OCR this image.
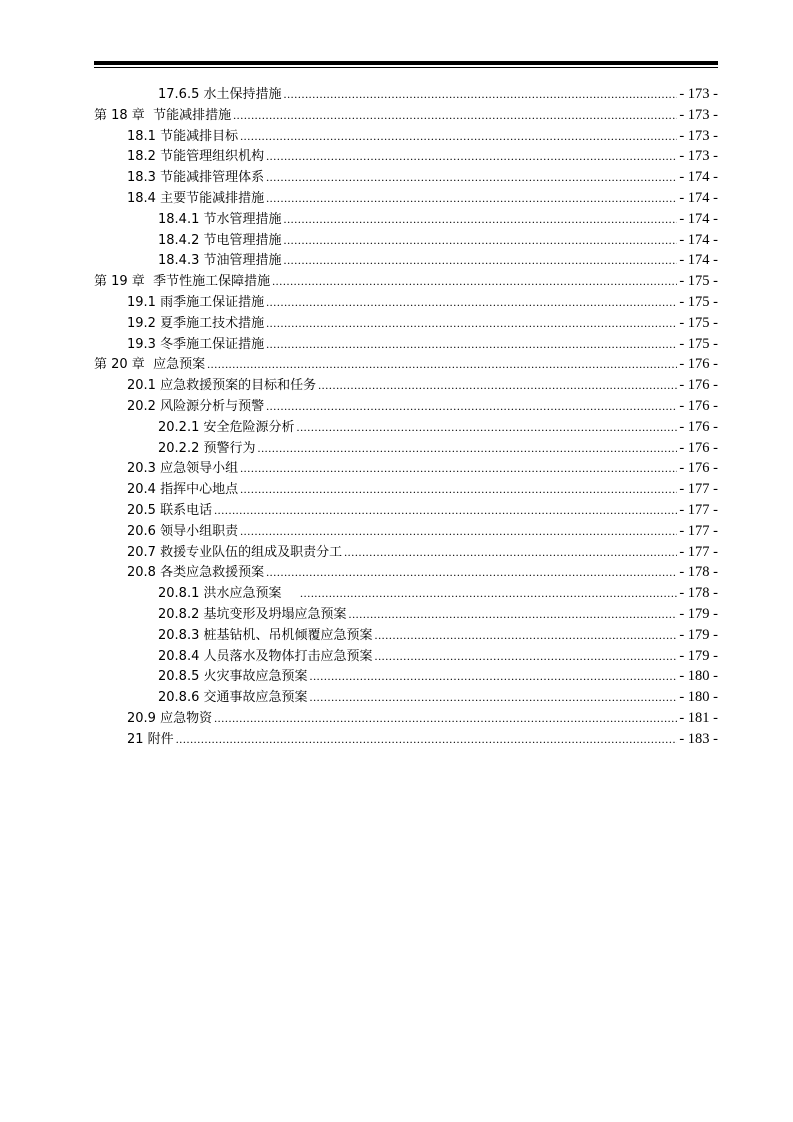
17.6.5 水土保持措施 .....	- 173 -
第 18 章  节能减排措施 .....	- 173 -
18.1 节能减排目标 .....	- 173 -
18.2 节能管理组织机构 .....	- 173 -
18.3 节能减排管理体系 .....	- 174 -
18.4 主要节能减排措施 .....	- 174 -
18.4.1 节水管理措施 .....	- 174 -
18.4.2 节电管理措施 .....	- 174 -
18.4.3 节油管理措施 .....	- 174 -
第 19 章  季节性施工保障措施 .....	- 175 -
19.1 雨季施工保证措施 .....	- 175 -
19.2 夏季施工技术措施 .....	- 175 -
19.3 冬季施工保证措施 .....	- 175 -
第 20 章  应急预案 .....	- 176 -
20.1 应急救援预案的目标和任务 .....	- 176 -
20.2 风险源分析与预警 .....	- 176 -
20.2.1 安全危险源分析 .....	- 176 -
20.2.2 预警行为 .....	- 176 -
20.3 应急领导小组 .....	- 176 -
20.4 指挥中心地点 .....	- 177 -
20.5 联系电话 .....	- 177 -
20.6 领导小组职责 .....	- 177 -
20.7 救援专业队伍的组成及职责分工 .....	- 177 -
20.8 各类应急救援预案 .....	- 178 -
20.8.1 洪水应急预案 .....	- 178 -
20.8.2 基坑变形及坍塌应急预案 .....	- 179 -
20.8.3 桩基钻机、吊机倾覆应急预案 .....	- 179 -
20.8.4 人员落水及物体打击应急预案 .....	- 179 -
20.8.5 火灾事故应急预案 .....	- 180 -
20.8.6 交通事故应急预案 .....	- 180 -
20.9 应急物资 .....	- 181 -
21 附件 .....	- 183 -
